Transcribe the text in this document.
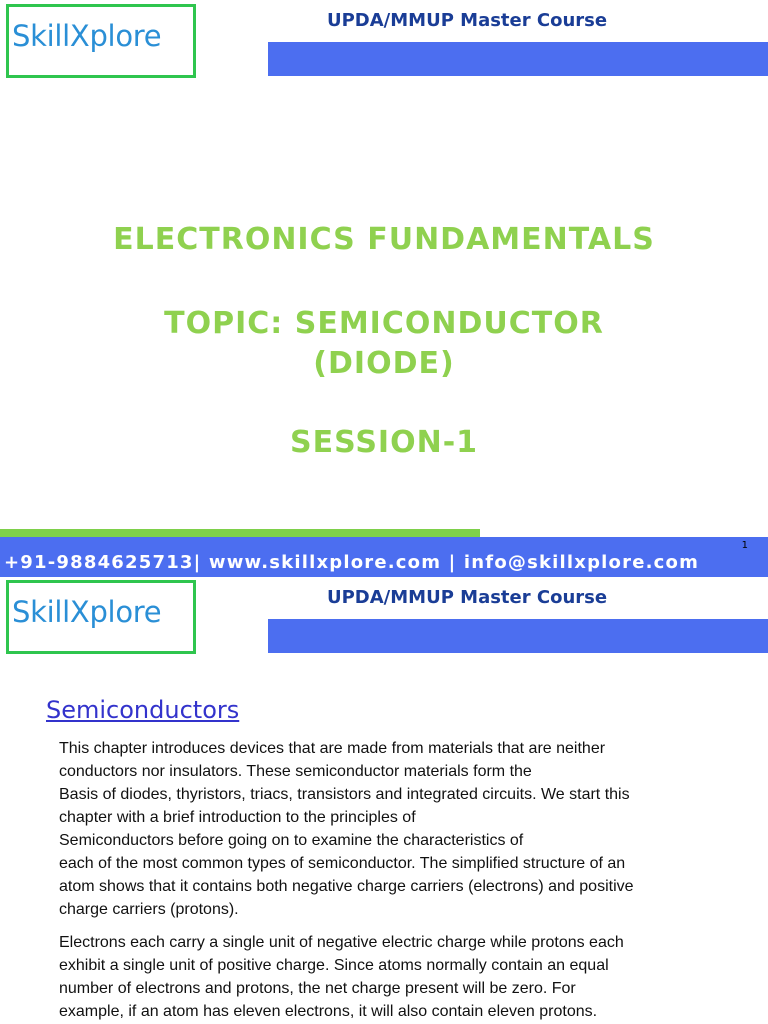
SkillXplore	UPDA/MMUP Master Course
ELECTRONICS FUNDAMENTALS
TOPIC: SEMICONDUCTOR
(DIODE)
SESSION-1
1
+91-9884625713| www.skillxplore.com | info@skillxplore.com
SkillXplore	UPDA/MMUP Master Course
Semiconductors
This chapter introduces devices that are made from materials that are neither
conductors nor insulators. These semiconductor materials form the
Basis of diodes, thyristors, triacs, transistors and integrated circuits. We start this
chapter with a brief introduction to the principles of
Semiconductors before going on to examine the characteristics of
each of the most common types of semiconductor. The simplified structure of an
atom shows that it contains both negative charge carriers (electrons) and positive
charge carriers (protons).
Electrons each carry a single unit of negative electric charge while protons each
exhibit a single unit of positive charge. Since atoms normally contain an equal
number of electrons and protons, the net charge present will be zero. For
example, if an atom has eleven electrons, it will also contain eleven protons.
